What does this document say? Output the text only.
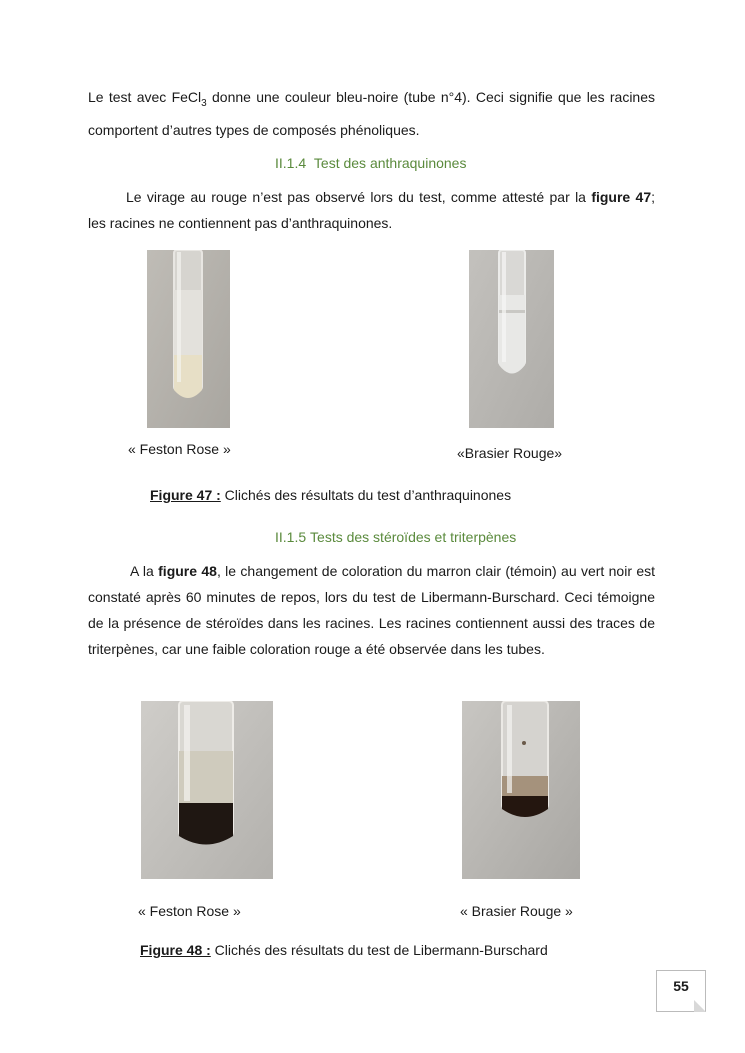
Le test avec FeCl$_3$ donne une couleur bleu-noire (tube n°4). Ceci signifie que les racines comportent d’autres types de composés phénoliques.

II.1.4 Test des anthraquinones

Le virage au rouge n’est pas observé lors du test, comme attesté par la figure 47; les racines ne contiennent pas d’anthraquinones.

« Feston Rose »	«Brasier Rouge»
Figure 47 : Clichés des résultats du test d’anthraquinones
II.1.5 Tests des stéroïdes et triterpènes

A la figure 48, le changement de coloration du marron clair (témoin) au vert noir est constaté après 60 minutes de repos, lors du test de Libermann-Burschard. Ceci témoigne de la présence de stéroïdes dans les racines. Les racines contiennent aussi des traces de triterpènes, car une faible coloration rouge a été observée dans les tubes.

« Feston Rose »	« Brasier Rouge »
Figure 48 : Clichés des résultats du test de Libermann-Burschard
55
